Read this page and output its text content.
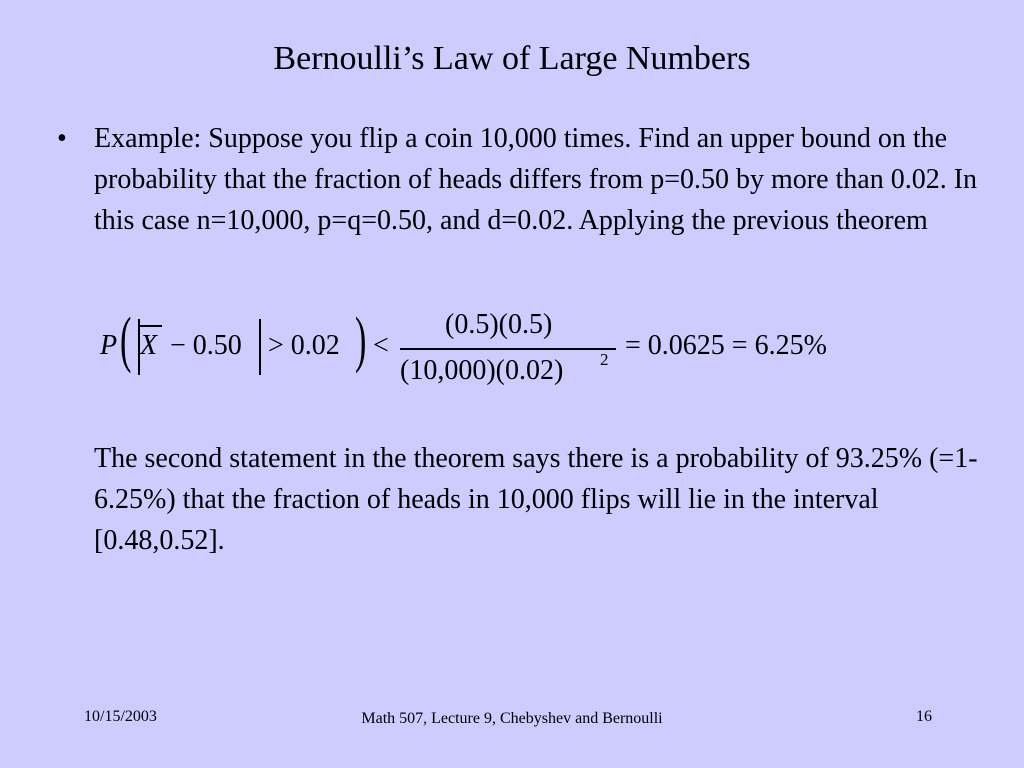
Bernoulli’s Law of Large Numbers
• Example: Suppose you flip a coin 10,000 times. Find an upper bound on the probability that the fraction of heads differs from p=0.50 by more than 0.02. In this case n=10,000, p=q=0.50, and d=0.02. Applying the previous theorem
P ( X − 0.50 > 0.02 ) <
(0.5)(0.5)
(10,000)(0.02) 2 = 0.0625 = 6.25%
The second statement in the theorem says there is a probability of 93.25% (=1-6.25%) that the fraction of heads in 10,000 flips will lie in the interval [0.48,0.52].
10/15/2003	Math 507, Lecture 9, Chebyshev and Bernoulli	16
